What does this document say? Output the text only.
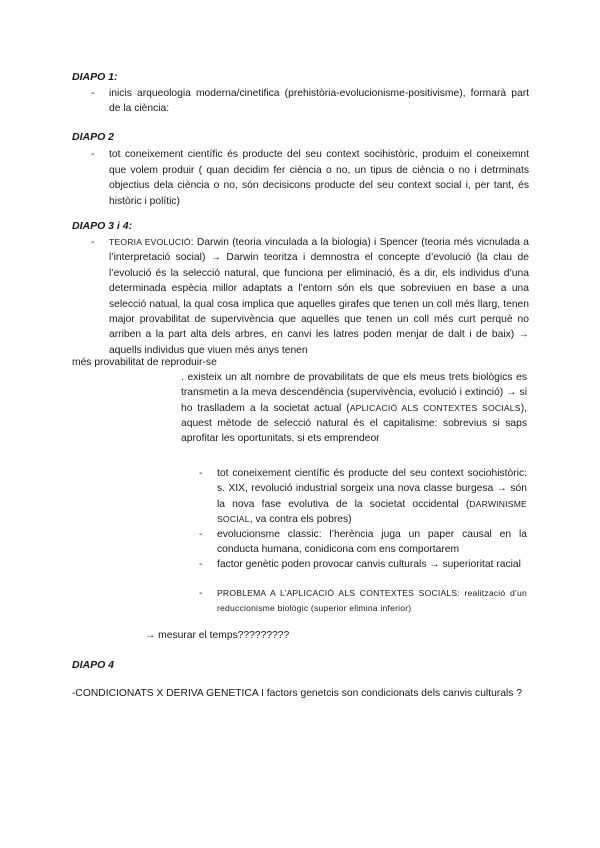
DIAPO 1:
- inicis arqueologia moderna/cinetifica (prehistòria-evolucionisme-positivisme), formarà part de la ciència:
DIAPO 2
- tot coneixement científic és producte del seu context socihistòric, produim el coneixemnt que volem produir ( quan decidim fer ciència o no, un tipus de ciència o no i detrminats objectius dela ciència o no, són decisicons producte del seu context social i, per tant, és històric i polític)
DIAPO 3 i 4:
- TEORIA EVOLUCIÓ: Darwin (teoria vinculada a la biologia) i Spencer (teoria més vicnulada a l’interpretació social) → Darwin teoritza i demnostra el concepte d’evolució (la clau de l’evolució és la selecció natural, que funciona per eliminació, és a dir, els individus d’una determinada espècia millor adaptats a l’entorn són els que sobreviuen en base a una selecció natual, la qual cosa implica que aquelles girafes que tenen un coll més llarg, tenen major provabilitat de supervivència que aquelles que tenen un coll més curt perquè no arriben a la part alta dels arbres, en canvi les latres poden menjar de dalt i de baix) → aquells individus que viuen més anys tenen
més provabilitat de reproduir-se
. existeix un alt nombre de provabilitats de que els meus trets biològics es transmetin a la meva descendència (supervivència, evolució i extinció) → si ho traslladem a la societat actual (APLICACIÓ ALS CONTEXTES SOCIALS), aquest mètode de selecció natural és el capitalisme: sobrevius si saps aprofitar les oportunitats, si ets emprendeor
- tot coneixement científic és producte del seu context sociohistòric: s. XIX, revolució industrial sorgeix una nova classe burgesa → són la nova fase evolutiva de la societat occidental (DARWINISME SOCIAL, va contra els pobres)
- evolucionsme classic: l’herència juga un paper causal en la conducta humana, conidicona com ens comportarem
- factor genètic poden provocar canvis culturals → superioritat racial
- PROBLEMA A L’APLICACIÓ ALS CONTEXTES SOCIALS: realització d’un reduccionisme biològic (superior elimina inferior)
→ mesurar el temps?????????
DIAPO 4
-CONDICIONATS X DERIVA GENETICA I factors genetcis son condicionats dels canvis culturals ?
